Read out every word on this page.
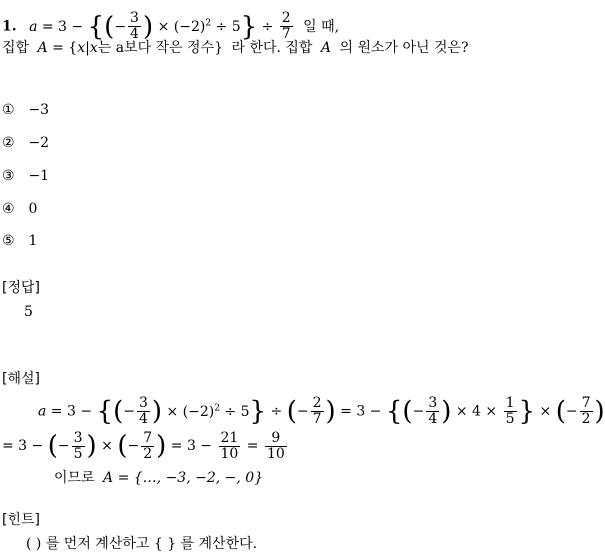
1. a = 3 − {(− $\frac{3}{4}$ ) × $(-2)^2 \div 5\} \div \frac{2}{7}$ 일 때,
집합 A = {x|x는 a보다 작은 정수} 라 한다. 집합 A 의 원소가 아닌 것은?
① −3
② −2
③ −1
④ 0
⑤ 1
[정답]
5
[해설]
a = 3 − {(− $\frac{3}{4}$ ) × $(-2)^2 \div 5$} ÷ (− $\frac{2}{7}$ ) = 3 − {(− $\frac{3}{4}$ ) × $4 \times \frac{1}{5}$ } × (− $\frac{7}{2}$ )
= 3 − (− $\frac{3}{5}$ ) × (− $\frac{7}{2}$ ) = $3 - \frac{21}{10} = \frac{9}{10}$
이므로 A = {…, −3, −2, −, 0}
[힌트]
( ) 를 먼저 계산하고 { } 를 계산한다.
